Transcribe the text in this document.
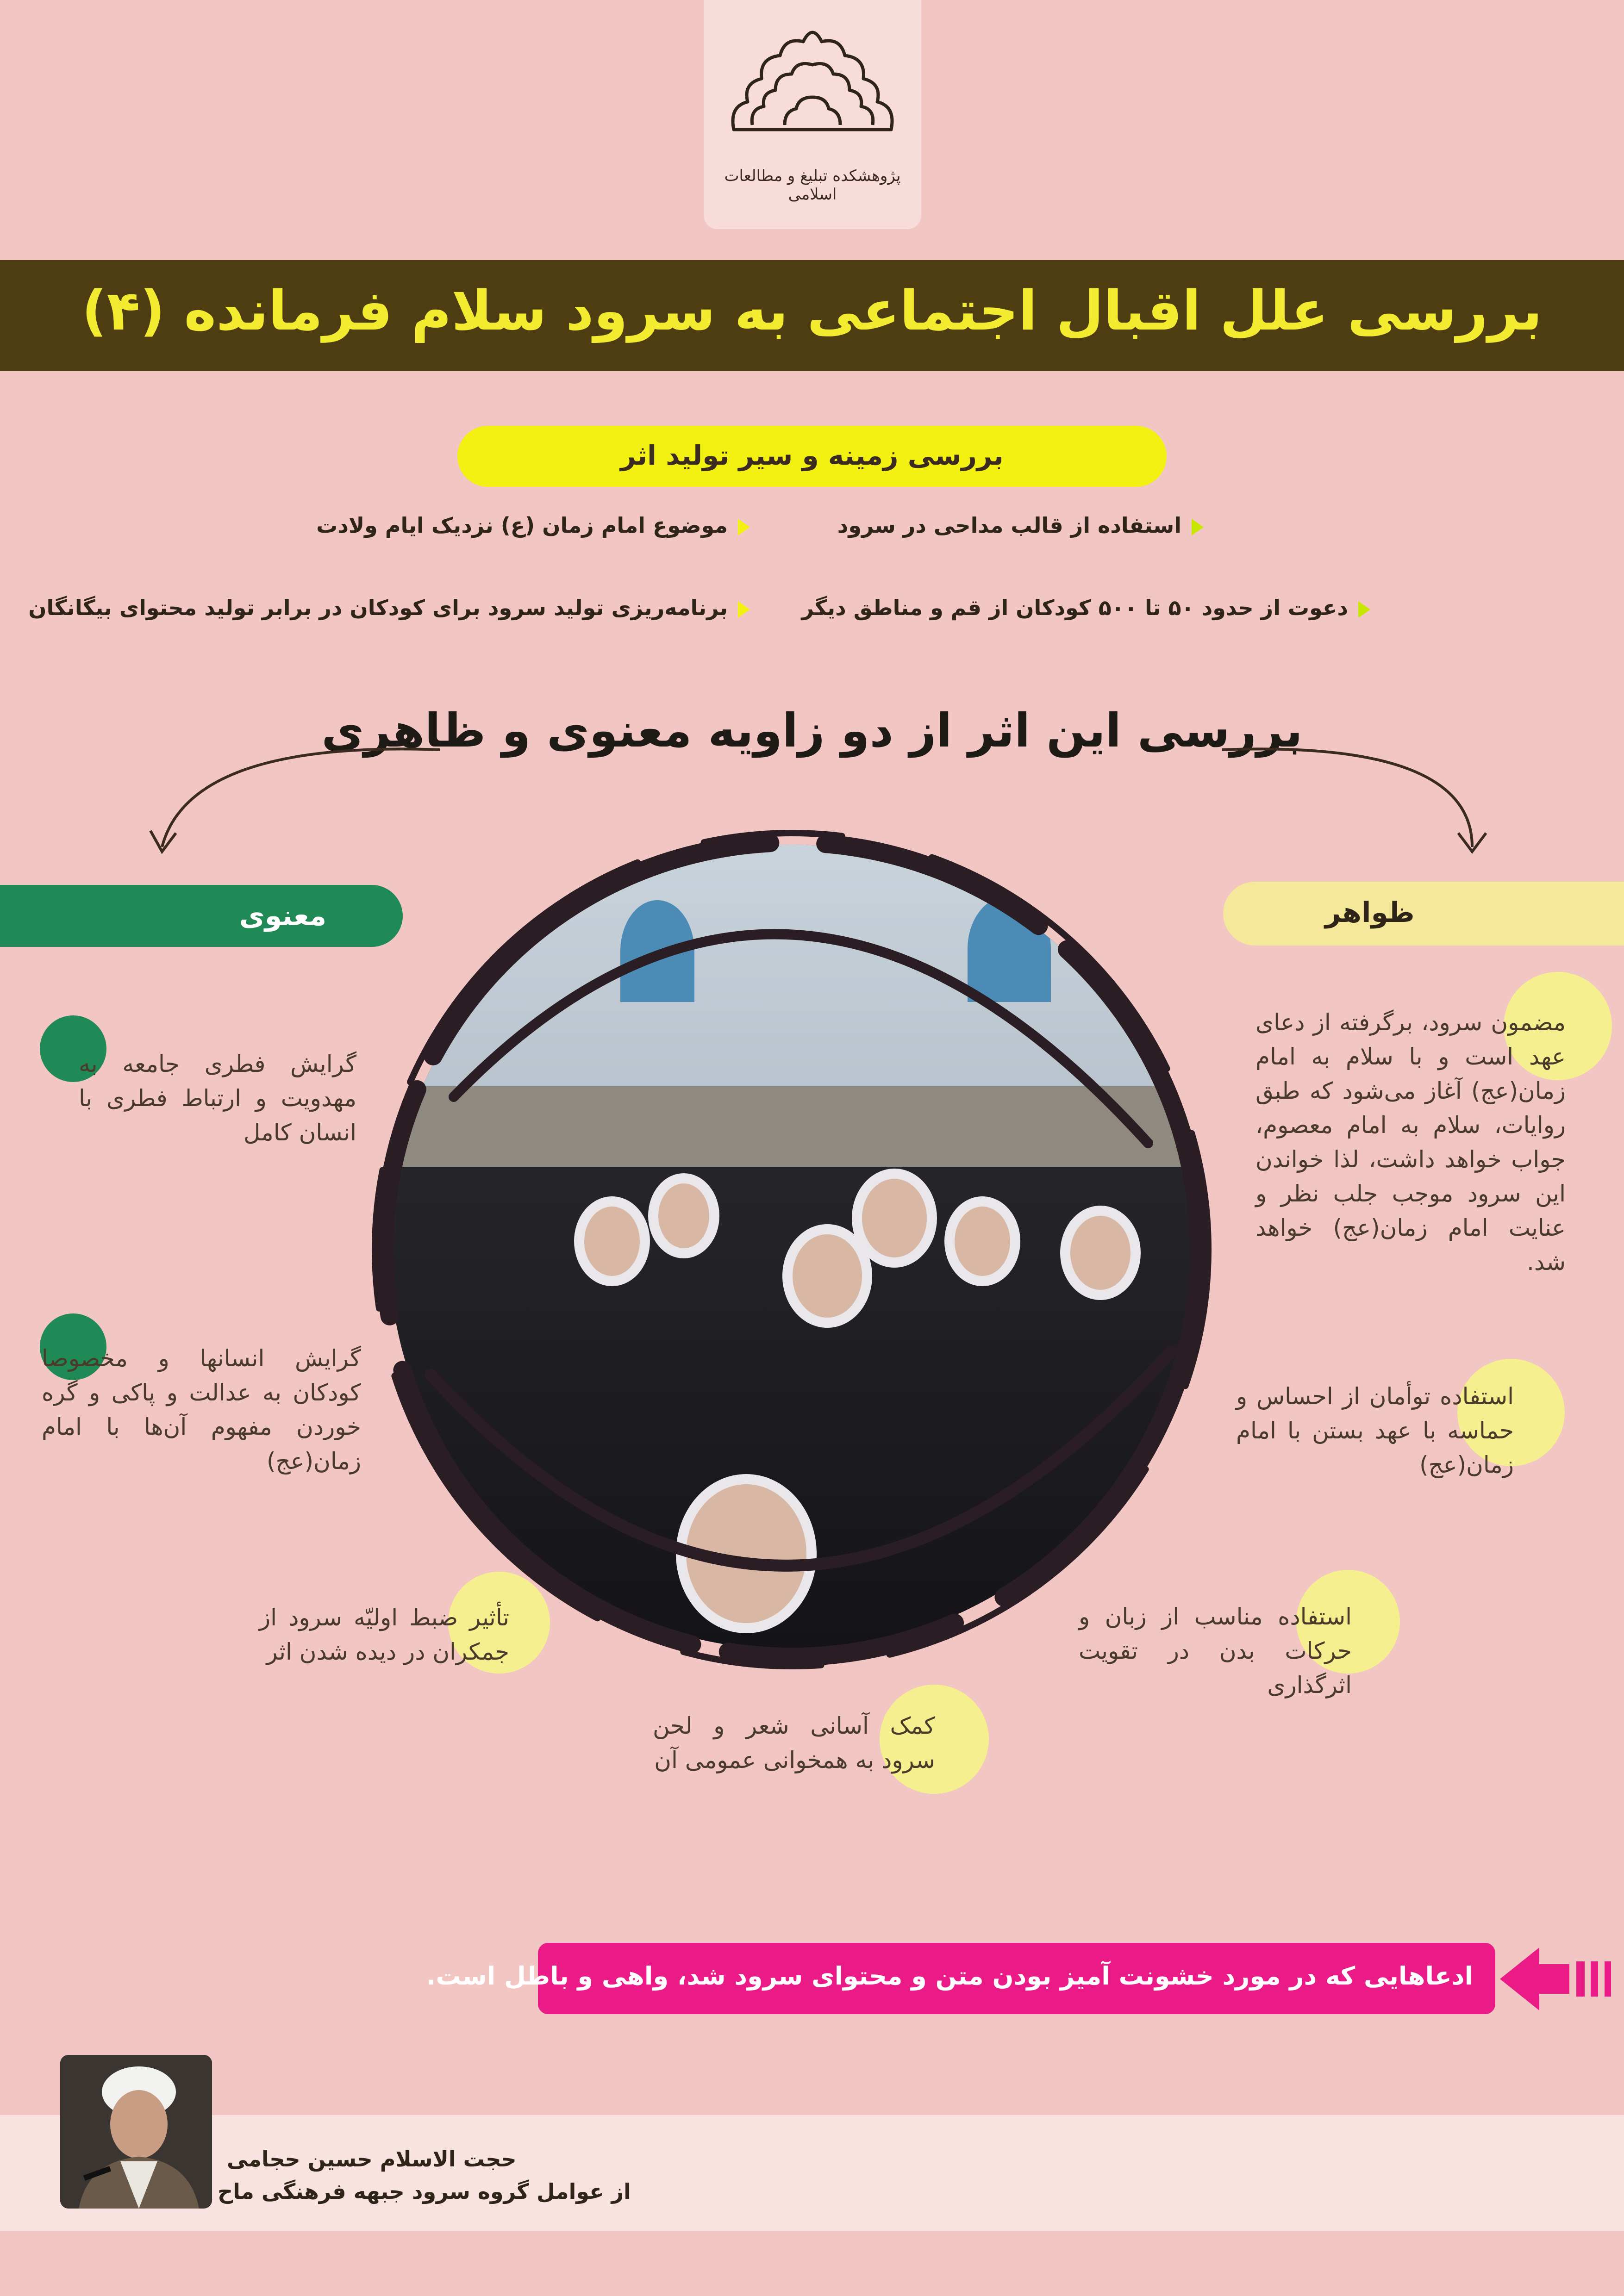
پژوهشکده تبلیغ و مطالعات اسلامی
بررسی علل اقبال اجتماعی به سرود سلام فرمانده (۴)
بررسی زمینه و سیر تولید اثر
استفاده از قالب مداحی در سرود
موضوع امام زمان (ع) نزدیک ایام ولادت
دعوت از حدود ۵۰ تا ۵۰۰ کودکان از قم و مناطق دیگر
برنامه‌ریزی تولید سرود برای کودکان در برابر تولید محتوای بیگانگان
بررسی این اثر از دو زاویه معنوی و ظاهری
معنوی	ظواهر
گرایش فطری جامعه به مهدویت و ارتباط فطری با انسان کامل
گرایش انسانها و مخصوصا کودکان به عدالت و پاکی و گره خوردن مفهوم آن‌ها با امام زمان(عج)
تأثیر ضبط اولیّه سرود از جمکران در دیده شدن اثر
مضمون سرود، برگرفته از دعای عهد است و با سلام به امام زمان(عج) آغاز می‌شود که طبق روایات، سلام به امام معصوم، جواب خواهد داشت، لذا خواندن این سرود موجب جلب نظر و عنایت امام زمان(عج) خواهد شد.
استفاده توأمان از احساس و حماسه با عهد بستن با امام زمان(عج)
استفاده مناسب از زبان و حرکات بدن در تقویت اثرگذاری
کمک آسانی شعر و لحن سرود به همخوانی عمومی آن
ادعاهایی که در مورد خشونت آمیز بودن متن و محتوای سرود شد، واهی و باطل است.
حجت الاسلام حسین حجامی
از عوامل گروه سرود جبهه فرهنگی ماح
